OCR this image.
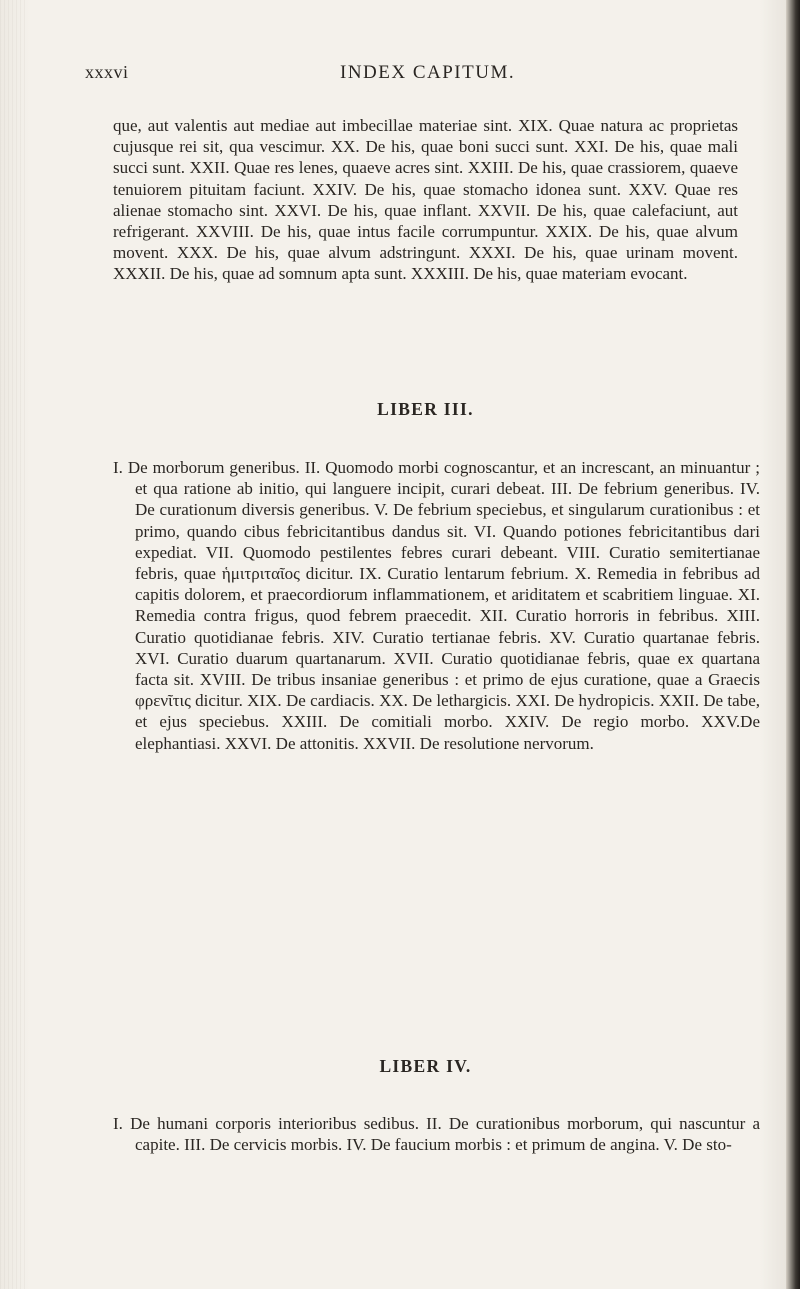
xxxvi	INDEX CAPITUM.

que, aut valentis aut mediae aut imbecillae materiae sint. XIX. Quae natura ac proprietas cujusque rei sit, qua vescimur. XX. De his, quae boni succi sunt. XXI. De his, quae mali succi sunt. XXII. Quae res lenes, quaeve acres sint. XXIII. De his, quae crassiorem, quaeve tenuiorem pituitam faciunt. XXIV. De his, quae stomacho idonea sunt. XXV. Quae res alienae stomacho sint. XXVI. De his, quae inflant. XXVII. De his, quae calefaciunt, aut refrigerant. XXVIII. De his, quae intus facile corrumpuntur. XXIX. De his, quae alvum movent. XXX. De his, quae alvum adstringunt. XXXI. De his, quae urinam movent. XXXII. De his, quae ad somnum apta sunt. XXXIII. De his, quae materiam evocant.

LIBER III.

I. De morborum generibus. II. Quomodo morbi cognoscantur, et an increscant, an minuantur ; et qua ratione ab initio, qui languere incipit, curari debeat. III. De febrium generibus. IV. De curationum diversis generibus. V. De febrium speciebus, et singularum curationibus : et primo, quando cibus febricitantibus dandus sit. VI. Quando potiones febricitantibus dari expediat. VII. Quomodo pestilentes febres curari debeant. VIII. Curatio semitertianae febris, quae ἡμιτριταῖος dicitur. IX. Curatio lentarum febrium. X. Remedia in febribus ad capitis dolorem, et praecordiorum inflammationem, et ariditatem et scabritiem linguae. XI. Remedia contra frigus, quod febrem praecedit. XII. Curatio horroris in febribus. XIII. Curatio quotidianae febris. XIV. Curatio tertianae febris. XV. Curatio quartanae febris. XVI. Curatio duarum quartanarum. XVII. Curatio quotidianae febris, quae ex quartana facta sit. XVIII. De tribus insaniae generibus : et primo de ejus curatione, quae a Graecis φρενῖτις dicitur. XIX. De cardiacis. XX. De lethargicis. XXI. De hydropicis. XXII. De tabe, et ejus speciebus. XXIII. De comitiali morbo. XXIV. De regio morbo. XXV.De elephantiasi. XXVI. De attonitis. XXVII. De resolutione nervorum.

LIBER IV.

I. De humani corporis interioribus sedibus. II. De curationibus morborum, qui nascuntur a capite. III. De cervicis morbis. IV. De faucium morbis : et primum de angina. V. De sto-
